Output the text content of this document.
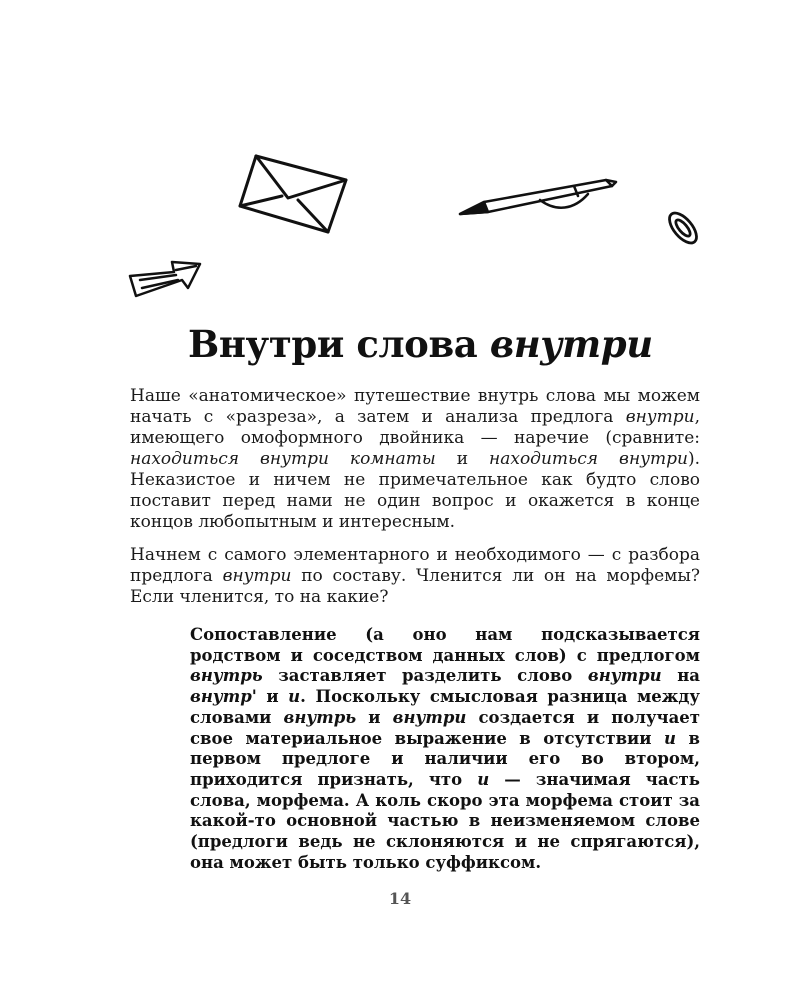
Внутри слова внутри

Наше «анатомическое» путешествие внутрь слова мы можем начать с «разреза», а затем и анализа предлога внутри, имеющего омоформного двойника — наречие (сравните: находиться внутри комнаты и находиться внутри). Неказистое и ничем не примечательное как будто слово поставит перед нами не один вопрос и окажется в конце концов любопытным и интересным.

Начнем с самого элементарного и необходимого — с разбора предлога внутри по составу. Членится ли он на морфемы? Если членится, то на какие?

Сопоставление (а оно нам подсказывается родством и соседством данных слов) с предлогом внутрь заставляет разделить слово внутри на внутр' и и. Поскольку смысловая разница между словами внутрь и внутри создается и получает свое материальное выражение в отсутствии и в первом предлоге и наличии его во втором, приходится признать, что и — значимая часть слова, морфема. А коль скоро эта морфема стоит за какой-то основной частью в неизменяемом слове (предлоги ведь не склоняются и не спрягаются), она может быть только суффиксом.

14
